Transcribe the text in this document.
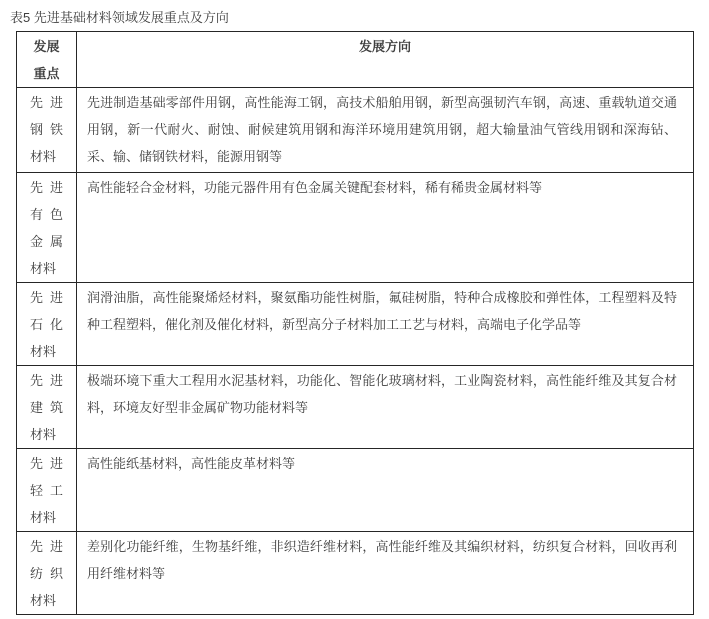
表5 先进基础材料领域发展重点及方向
发展
重点	发展方向

先进
钢铁
材料	先进制造基础零部件用钢，高性能海工钢，高技术船舶用钢，新型高强韧汽车钢，高速、重载轨道交通用钢，新一代耐火、耐蚀、耐候建筑用钢和海洋环境用建筑用钢，超大输量油气管线用钢和深海钻、采、输、储钢铁材料，能源用钢等

先进
有色
金属
材料	高性能轻合金材料，功能元器件用有色金属关键配套材料，稀有稀贵金属材料等

先进
石化
材料	润滑油脂，高性能聚烯烃材料，聚氨酯功能性树脂，氟硅树脂，特种合成橡胶和弹性体，工程塑料及特种工程塑料，催化剂及催化材料，新型高分子材料加工工艺与材料，高端电子化学品等

先进
建筑
材料	极端环境下重大工程用水泥基材料，功能化、智能化玻璃材料，工业陶瓷材料，高性能纤维及其复合材料，环境友好型非金属矿物功能材料等

先进
轻工
材料	高性能纸基材料，高性能皮革材料等

先进
纺织
材料	差别化功能纤维，生物基纤维，非织造纤维材料，高性能纤维及其编织材料，纺织复合材料，回收再利用纤维材料等
